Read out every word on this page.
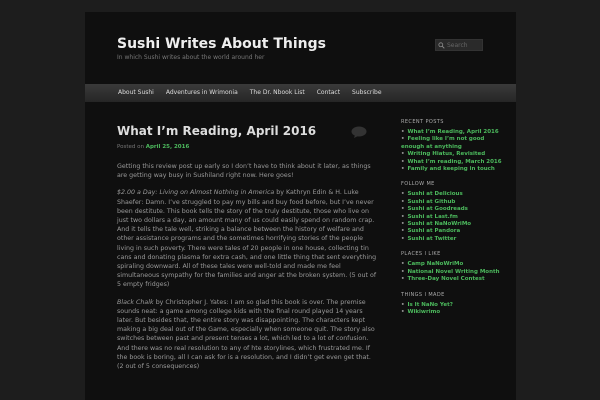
Sushi Writes About Things
In which Sushi writes about the world around her
Search
About Sushi	Adventures in Wrimonia	The Dr. Nbook List	Contact	Subscribe
What I’m Reading, April 2016
Posted on April 25, 2016

Getting this review post up early so I don’t have to think about it later, as things are getting way busy in Sushiland right now. Here goes!

$2.00 a Day: Living on Almost Nothing in America by Kathryn Edin & H. Luke Shaefer: Damn. I’ve struggled to pay my bills and buy food before, but I’ve never been destitute. This book tells the story of the truly destitute, those who live on just two dollars a day, an amount many of us could easily spend on random crap. And it tells the tale well, striking a balance between the history of welfare and other assistance programs and the sometimes horrifying stories of the people living in such poverty. There were tales of 20 people in one house, collecting tin cans and donating plasma for extra cash, and one little thing that sent everything spiraling downward. All of these tales were well-told and made me feel simultaneous sympathy for the families and anger at the broken system. (5 out of 5 empty fridges)

Black Chalk by Christopher J. Yates: I am so glad this book is over. The premise sounds neat: a game among college kids with the final round played 14 years later. But besides that, the entire story was disappointing. The characters kept making a big deal out of the Game, especially when someone quit. The story also switches between past and present tenses a lot, which led to a lot of confusion. And there was no real resolution to any of hte storylines, which frustrated me. If the book is boring, all I can ask for is a resolution, and I didn’t get even get that. (2 out of 5 consequences)

RECENT POSTS
• What I’m Reading, April 2016
• Feeling like I’m not good enough at anything
• Writing Hiatus, Revisited
• What I’m reading, March 2016
• Family and keeping in touch
FOLLOW ME
• Sushi at Delicious
• Sushi at Github
• Sushi at Goodreads
• Sushi at Last.fm
• Sushi at NaNoWriMo
• Sushi at Pandora
• Sushi at Twitter
PLACES I LIKE
• Camp NaNoWriMo
• National Novel Writing Month
• Three-Day Novel Contest
THINGS I MADE
• Is It NaNo Yet?
• Wikiwrimo
